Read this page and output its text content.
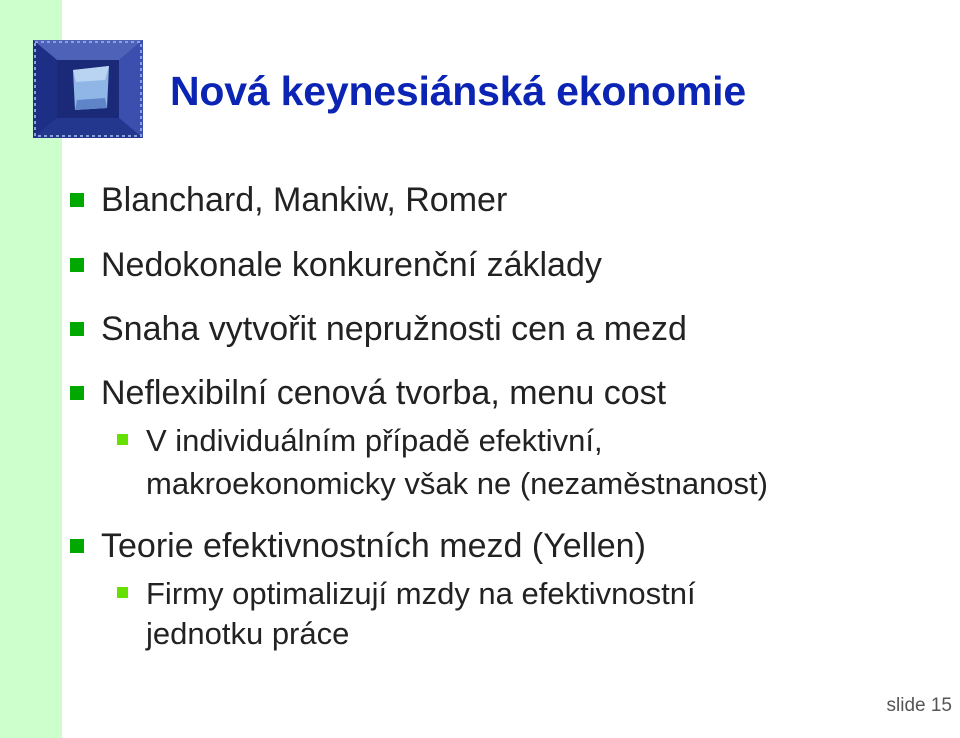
Nová keynesiánská ekonomie
Blanchard, Mankiw, Romer
Nedokonale konkurenční základy
Snaha vytvořit nepružnosti cen a mezd
Neflexibilní cenová tvorba, menu cost
V individuálním případě efektivní,
makroekonomicky však ne (nezaměstnanost)
Teorie efektivnostních mezd (Yellen)
Firmy optimalizují mzdy na efektivnostní
jednotku práce
slide 15
